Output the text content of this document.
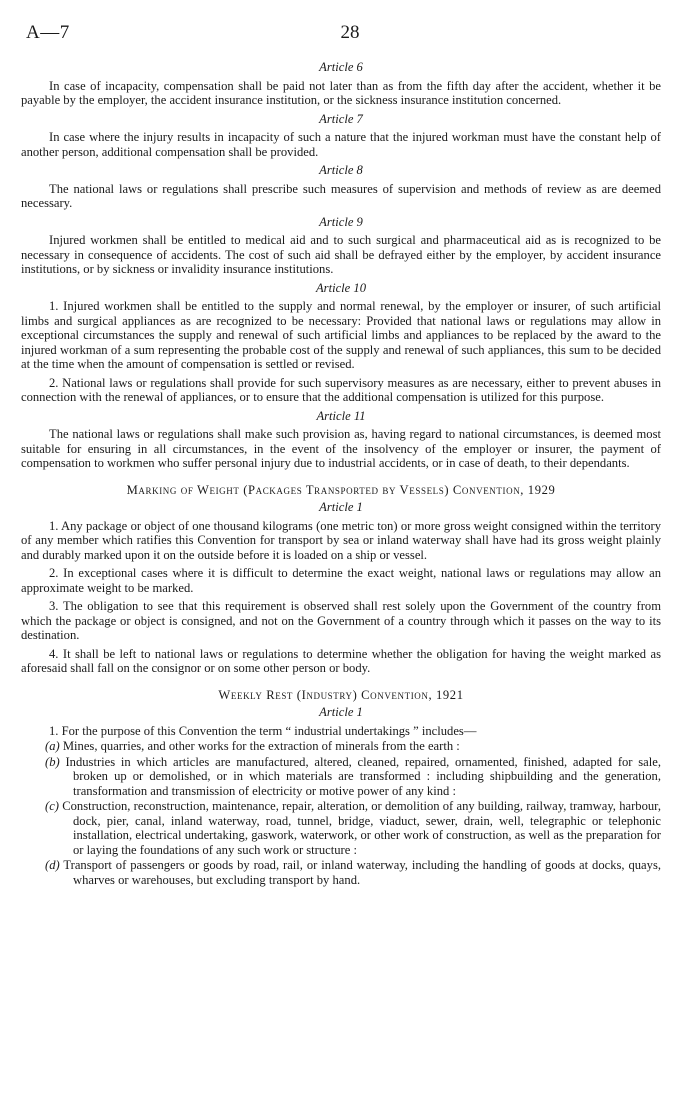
A—7	28
Article 6

In case of incapacity, compensation shall be paid not later than as from the fifth day after the accident, whether it be payable by the employer, the accident insurance institution, or the sickness insurance institution concerned.

Article 7

In case where the injury results in incapacity of such a nature that the injured workman must have the constant help of another person, additional compensation shall be provided.

Article 8

The national laws or regulations shall prescribe such measures of supervision and methods of review as are deemed necessary.

Article 9

Injured workmen shall be entitled to medical aid and to such surgical and pharmaceutical aid as is recognized to be necessary in consequence of accidents. The cost of such aid shall be defrayed either by the employer, by accident insurance institutions, or by sickness or invalidity insurance institutions.

Article 10

1. Injured workmen shall be entitled to the supply and normal renewal, by the employer or insurer, of such artificial limbs and surgical appliances as are recognized to be necessary: Provided that national laws or regulations may allow in exceptional circumstances the supply and renewal of such artificial limbs and appliances to be replaced by the award to the injured workman of a sum representing the probable cost of the supply and renewal of such appliances, this sum to be decided at the time when the amount of compensation is settled or revised.

2. National laws or regulations shall provide for such supervisory measures as are necessary, either to prevent abuses in connection with the renewal of appliances, or to ensure that the additional compensation is utilized for this purpose.

Article 11

The national laws or regulations shall make such provision as, having regard to national circumstances, is deemed most suitable for ensuring in all circumstances, in the event of the insolvency of the employer or insurer, the payment of compensation to workmen who suffer personal injury due to industrial accidents, or in case of death, to their dependants.

Marking of Weight (Packages Transported by Vessels) Convention, 1929
Article 1

1. Any package or object of one thousand kilograms (one metric ton) or more gross weight consigned within the territory of any member which ratifies this Convention for transport by sea or inland waterway shall have had its gross weight plainly and durably marked upon it on the outside before it is loaded on a ship or vessel.

2. In exceptional cases where it is difficult to determine the exact weight, national laws or regulations may allow an approximate weight to be marked.

3. The obligation to see that this requirement is observed shall rest solely upon the Government of the country from which the package or object is consigned, and not on the Government of a country through which it passes on the way to its destination.

4. It shall be left to national laws or regulations to determine whether the obligation for having the weight marked as aforesaid shall fall on the consignor or on some other person or body.

Weekly Rest (Industry) Convention, 1921
Article 1

1. For the purpose of this Convention the term “ industrial undertakings ” includes—

(a) Mines, quarries, and other works for the extraction of minerals from the earth :
(b) Industries in which articles are manufactured, altered, cleaned, repaired, ornamented, finished, adapted for sale, broken up or demolished, or in which materials are transformed : including shipbuilding and the generation, transformation and transmission of electricity or motive power of any kind :
(c) Construction, reconstruction, maintenance, repair, alteration, or demolition of any building, railway, tramway, harbour, dock, pier, canal, inland waterway, road, tunnel, bridge, viaduct, sewer, drain, well, telegraphic or telephonic installation, electrical undertaking, gaswork, waterwork, or other work of construction, as well as the preparation for or laying the foundations of any such work or structure :
(d) Transport of passengers or goods by road, rail, or inland waterway, including the handling of goods at docks, quays, wharves or warehouses, but excluding transport by hand.
